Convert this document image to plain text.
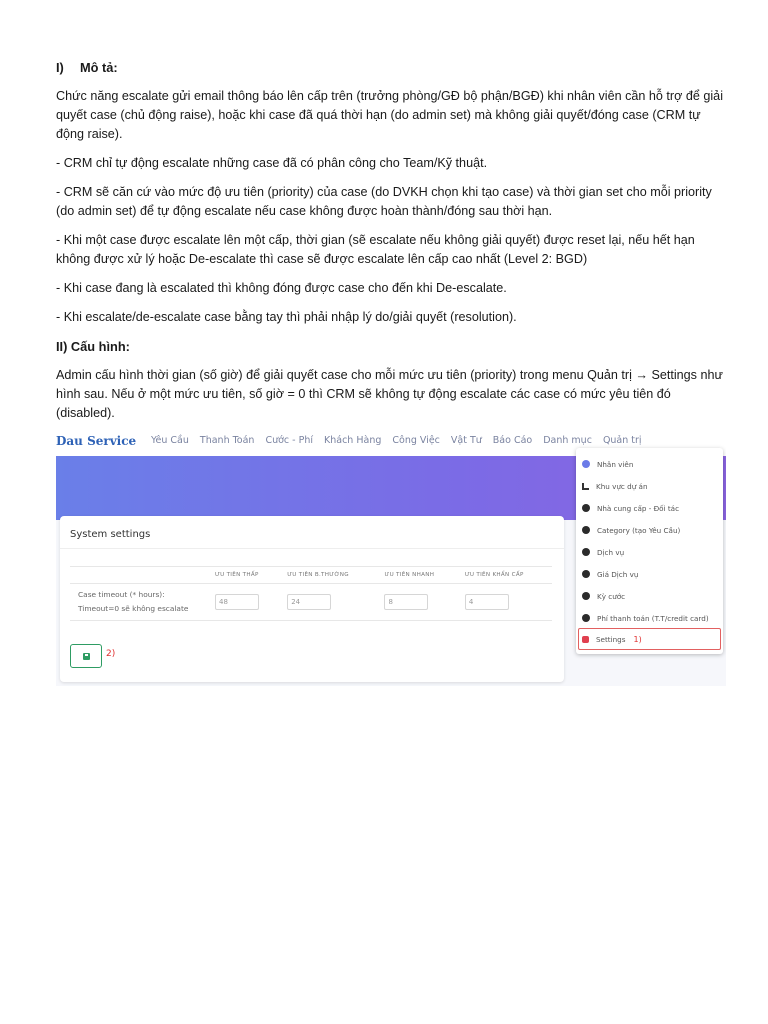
I) Mô tả:

Chức năng escalate gửi email thông báo lên cấp trên (trưởng phòng/GĐ bộ phận/BGĐ) khi nhân viên cần hỗ trợ để giải quyết case (chủ động raise), hoặc khi case đã quá thời hạn (do admin set) mà không giải quyết/đóng case (CRM tự động raise).

- CRM chỉ tự động escalate những case đã có phân công cho Team/Kỹ thuật.

- CRM sẽ căn cứ vào mức độ ưu tiên (priority) của case (do DVKH chọn khi tạo case) và thời gian set cho mỗi priority (do admin set) để tự động escalate nếu case không được hoàn thành/đóng sau thời hạn.

- Khi một case được escalate lên một cấp, thời gian (sẽ escalate nếu không giải quyết) được reset lại, nếu hết hạn không được xử lý hoặc De-escalate thì case sẽ được escalate lên cấp cao nhất (Level 2: BGD)

- Khi case đang là escalated thì không đóng được case cho đến khi De-escalate.

- Khi escalate/de-escalate case bằng tay thì phải nhập lý do/giải quyết (resolution).

II) Cấu hình:

Admin cấu hình thời gian (số giờ) để giải quyết case cho mỗi mức ưu tiên (priority) trong menu Quản trị → Settings như hình sau. Nếu ở một mức ưu tiên, số giờ = 0 thì CRM sẽ không tự động escalate các case có mức yêu tiên đó (disabled).

Dau Service Yêu Cầu Thanh Toán Cước - Phí Khách Hàng Công Việc Vật Tư Báo Cáo Danh mục Quản trị
System settings
	ƯU TIÊN THẤP	ƯU TIÊN B.THƯỜNG	ƯU TIÊN NHANH	ƯU TIÊN KHẨN CẤP
Case timeout (* hours):
Timeout=0 sẽ không escalate	48	24	8	4
2)
Nhân viên
Khu vực dự án
Nhà cung cấp - Đối tác
Category (tạo Yêu Cầu)
Dịch vụ
Giá Dịch vụ
Kỳ cước
Phí thanh toán (T.T/credit card)
Settings 1)
